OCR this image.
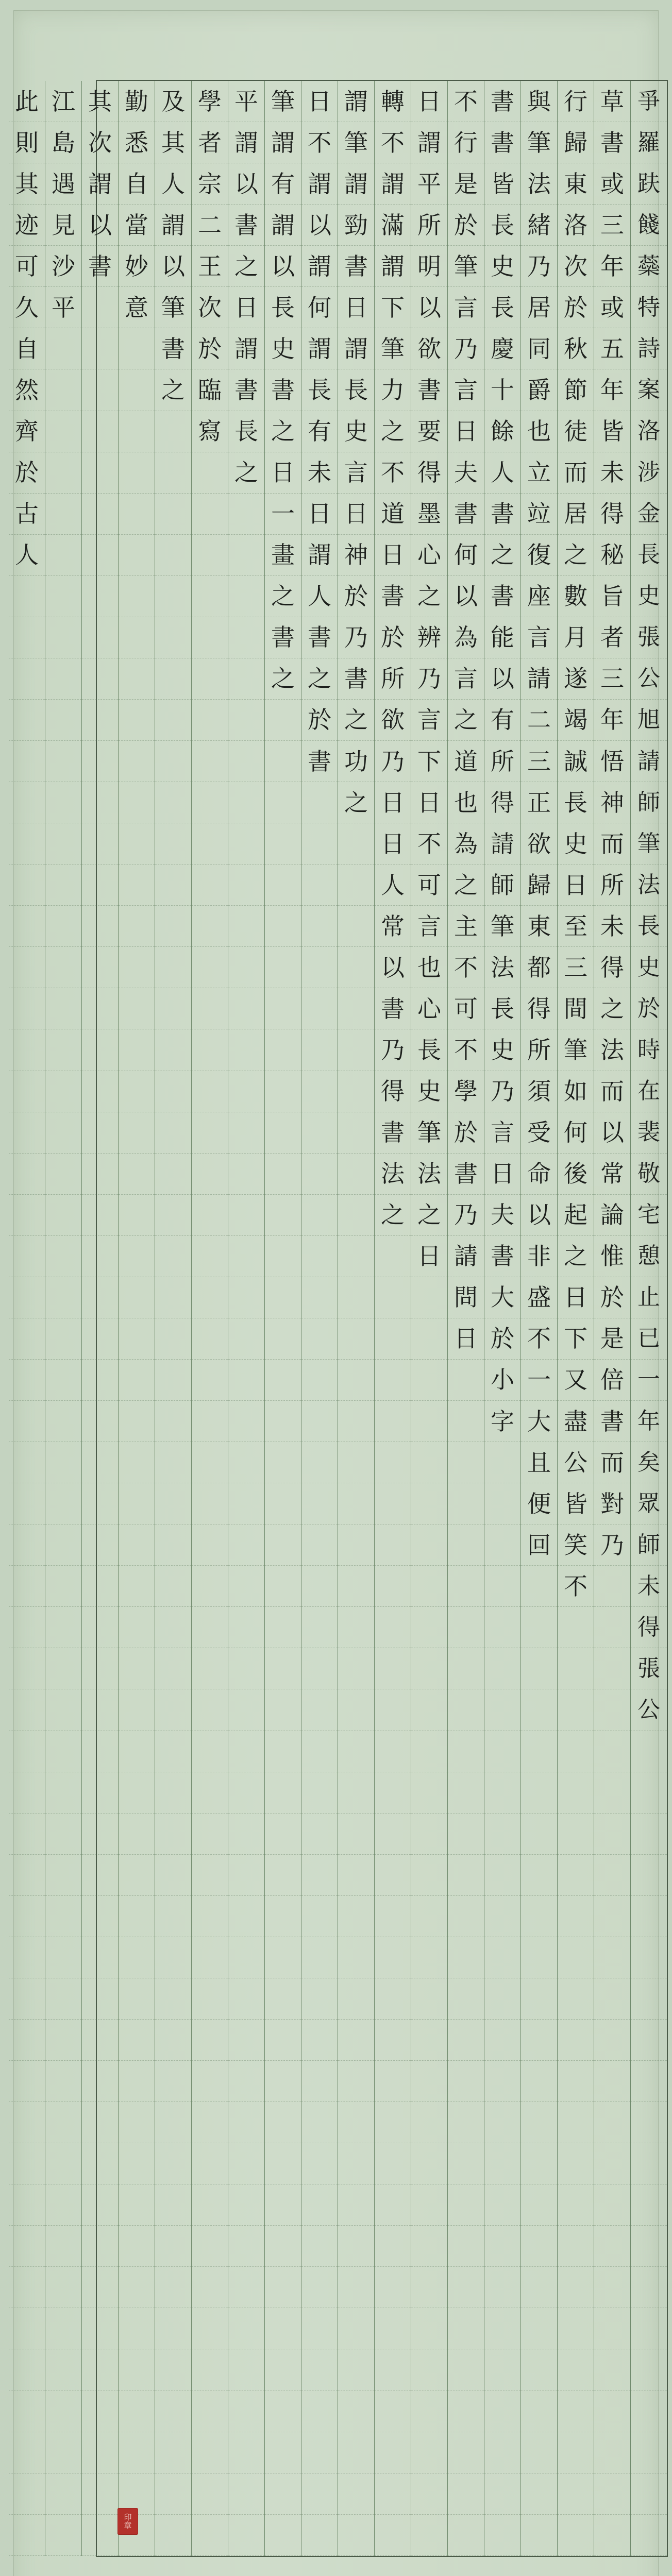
爭
羅
趺
餞
蘂
特
詩
案
洛
涉
金
長
史
張
公
旭
請
師
筆
法
長
史
於
時
在
裴
敬
宅
憩
止
已
一
年
矣
眾
師
未
得
張
公
草
書
或
三
年
或
五
年
皆
未
得
秘
旨
者
三
年
悟
神
而
所
未
得
之
法
而
以
常
論
惟
於
是
倍
書
而
對
乃
行
歸
東
洛
次
於
秋
節
徒
而
居
之
數
月
遂
竭
誠
長
史
日
至
三
間
筆
如
何
後
起
之
日
下
又
盡
公
皆
笑
不
與
筆
法
緒
乃
居
同
爵
也
立
竝
復
座
言
請
二
三
正
欲
歸
東
都
得
所
須
受
命
以
非
盛
不
一
大
且
便
回
書
書
皆
長
史
長
慶
十
餘
人
書
之
書
能
以
有
所
得
請
師
筆
法
長
史
乃
言
日
夫
書
大
於
小
字
不
行
是
於
筆
言
乃
言
日
夫
書
何
以
為
言
之
道
也
為
之
主
不
可
不
學
於
書
乃
請
問
日
日
謂
平
所
明
以
欲
書
要
得
墨
心
之
辨
乃
言
下
日
不
可
言
也
心
長
史
筆
法
之
日
轉
不
謂
滿
謂
下
筆
力
之
不
道
日
書
於
所
欲
乃
日
日
人
常
以
書
乃
得
書
法
之
謂
筆
謂
勁
書
日
謂
長
史
言
日
神
於
乃
書
之
功
之
日
不
謂
以
謂
何
謂
長
有
未
日
謂
人
書
之
於
書
筆
謂
有
謂
以
長
史
書
之
日
一
畫
之
書
之
平
謂
以
書
之
日
謂
書
長
之
學
者
宗
二
王
次
於
臨
寫
及
其
人
謂
以
筆
書
之
勤
悉
自
當
妙
意
其
次
謂
以
書
江
島
遇
見
沙
平
此
則
其
迹
可
久
自
然
齊
於
古
人
印
章
